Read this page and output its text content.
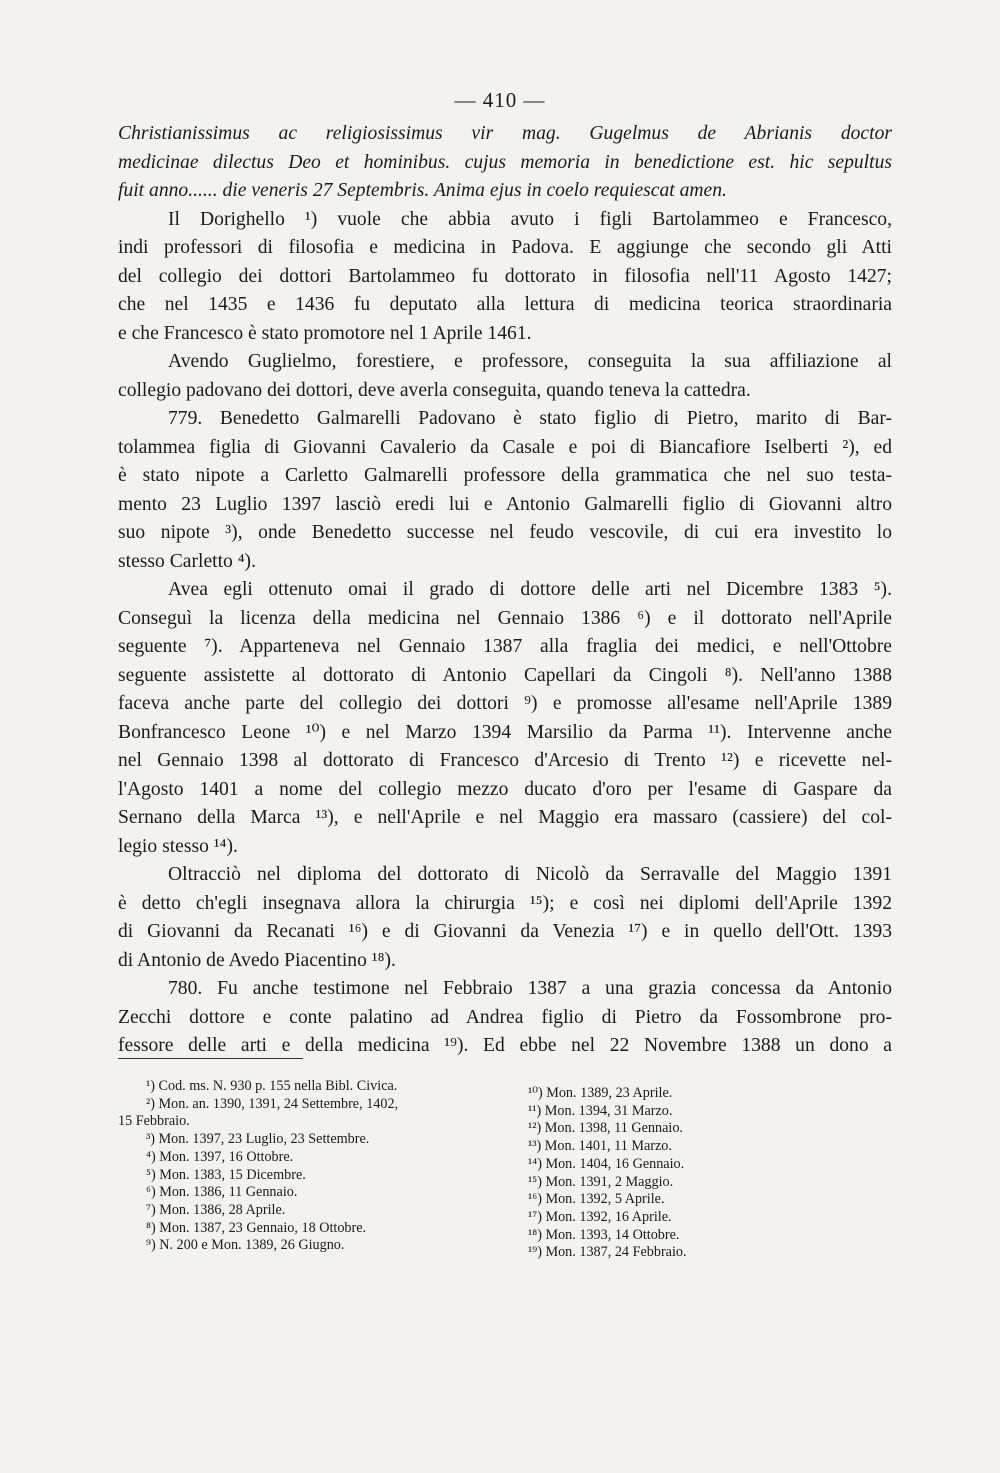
— 410 —
Christianissimus ac religiosissimus vir mag. Gugelmus de Abrianis doctor
medicinae dilectus Deo et hominibus. cujus memoria in benedictione est. hic sepultus
fuit anno...... die veneris 27 Septembris. Anima ejus in coelo requiescat amen.
Il Dorighello ¹) vuole che abbia avuto i figli Bartolammeo e Francesco,
indi professori di filosofia e medicina in Padova. E aggiunge che secondo gli Atti
del collegio dei dottori Bartolammeo fu dottorato in filosofia nell'11 Agosto 1427;
che nel 1435 e 1436 fu deputato alla lettura di medicina teorica straordinaria
e che Francesco è stato promotore nel 1 Aprile 1461.
Avendo Guglielmo, forestiere, e professore, conseguita la sua affiliazione al
collegio padovano dei dottori, deve averla conseguita, quando teneva la cattedra.
779. Benedetto Galmarelli Padovano è stato figlio di Pietro, marito di Bar-
tolammea figlia di Giovanni Cavalerio da Casale e poi di Biancafiore Iselberti ²), ed
è stato nipote a Carletto Galmarelli professore della grammatica che nel suo testa-
mento 23 Luglio 1397 lasciò eredi lui e Antonio Galmarelli figlio di Giovanni altro
suo nipote ³), onde Benedetto successe nel feudo vescovile, di cui era investito lo
stesso Carletto ⁴).
Avea egli ottenuto omai il grado di dottore delle arti nel Dicembre 1383 ⁵).
Conseguì la licenza della medicina nel Gennaio 1386 ⁶) e il dottorato nell'Aprile
seguente ⁷). Apparteneva nel Gennaio 1387 alla fraglia dei medici, e nell'Ottobre
seguente assistette al dottorato di Antonio Capellari da Cingoli ⁸). Nell'anno 1388
faceva anche parte del collegio dei dottori ⁹) e promosse all'esame nell'Aprile 1389
Bonfrancesco Leone ¹⁰) e nel Marzo 1394 Marsilio da Parma ¹¹). Intervenne anche
nel Gennaio 1398 al dottorato di Francesco d'Arcesio di Trento ¹²) e ricevette nel-
l'Agosto 1401 a nome del collegio mezzo ducato d'oro per l'esame di Gaspare da
Sernano della Marca ¹³), e nell'Aprile e nel Maggio era massaro (cassiere) del col-
legio stesso ¹⁴).
Oltracciò nel diploma del dottorato di Nicolò da Serravalle del Maggio 1391
è detto ch'egli insegnava allora la chirurgia ¹⁵); e così nei diplomi dell'Aprile 1392
di Giovanni da Recanati ¹⁶) e di Giovanni da Venezia ¹⁷) e in quello dell'Ott. 1393
di Antonio de Avedo Piacentino ¹⁸).
780. Fu anche testimone nel Febbraio 1387 a una grazia concessa da Antonio
Zecchi dottore e conte palatino ad Andrea figlio di Pietro da Fossombrone pro-
fessore delle arti e della medicina ¹⁹). Ed ebbe nel 22 Novembre 1388 un dono a
¹) Cod. ms. N. 930 p. 155 nella Bibl. Civica.
²) Mon. an. 1390, 1391, 24 Settembre, 1402,
15 Febbraio.
³) Mon. 1397, 23 Luglio, 23 Settembre.
⁴) Mon. 1397, 16 Ottobre.
⁵) Mon. 1383, 15 Dicembre.
⁶) Mon. 1386, 11 Gennaio.
⁷) Mon. 1386, 28 Aprile.
⁸) Mon. 1387, 23 Gennaio, 18 Ottobre.
⁹) N. 200 e Mon. 1389, 26 Giugno.
¹⁰) Mon. 1389, 23 Aprile.
¹¹) Mon. 1394, 31 Marzo.
¹²) Mon. 1398, 11 Gennaio.
¹³) Mon. 1401, 11 Marzo.
¹⁴) Mon. 1404, 16 Gennaio.
¹⁵) Mon. 1391, 2 Maggio.
¹⁶) Mon. 1392, 5 Aprile.
¹⁷) Mon. 1392, 16 Aprile.
¹⁸) Mon. 1393, 14 Ottobre.
¹⁹) Mon. 1387, 24 Febbraio.
